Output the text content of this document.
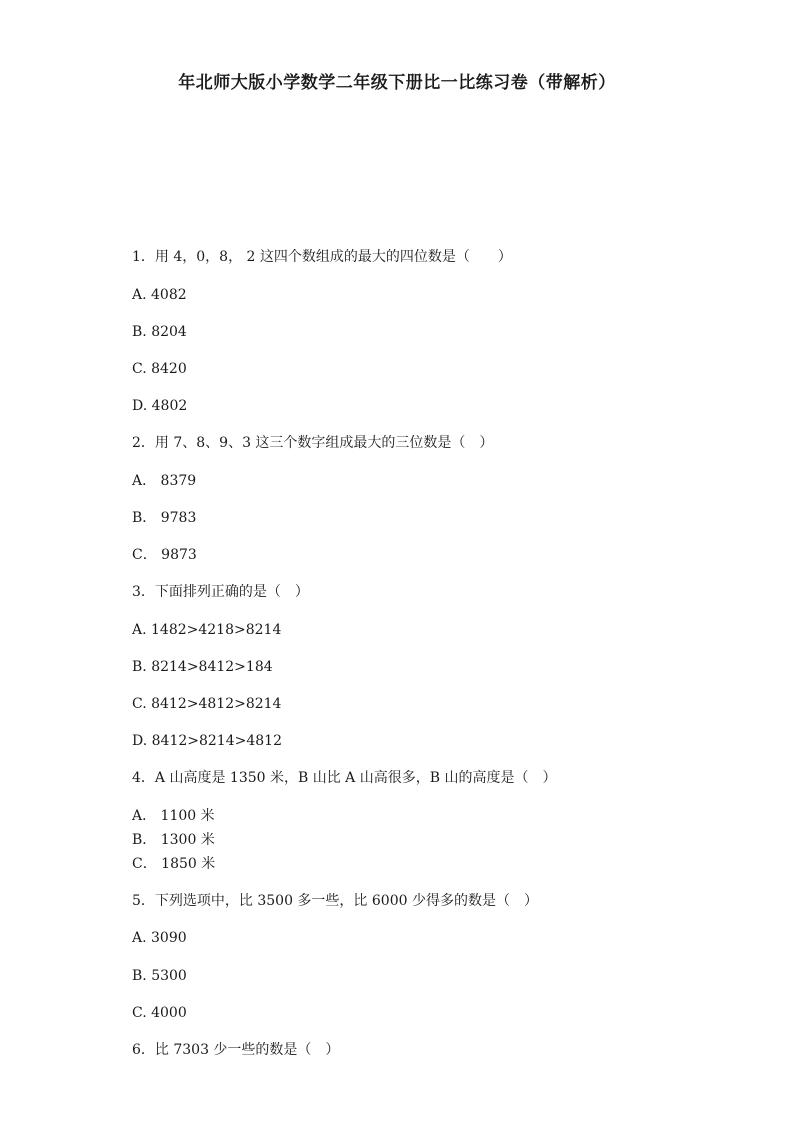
年北师大版小学数学二年级下册比一比练习卷（带解析）
1．用 4，0，8， 2 这四个数组成的最大的四位数是（　　）
A. 4082
B. 8204
C. 8420
D. 4802
2．用 7、8、9、3 这三个数字组成最大的三位数是（　）
A． 8379
B． 9783
C． 9873
3．下面排列正确的是（　）
A. 1482>4218>8214
B. 8214>8412>184
C. 8412>4812>8214
D. 8412>8214>4812
4．A 山高度是 1350 米，B 山比 A 山高很多，B 山的高度是（　）
A． 1100 米
B． 1300 米
C． 1850 米
5．下列选项中，比 3500 多一些，比 6000 少得多的数是（　）
A. 3090
B. 5300
C. 4000
6．比 7303 少一些的数是（　）
